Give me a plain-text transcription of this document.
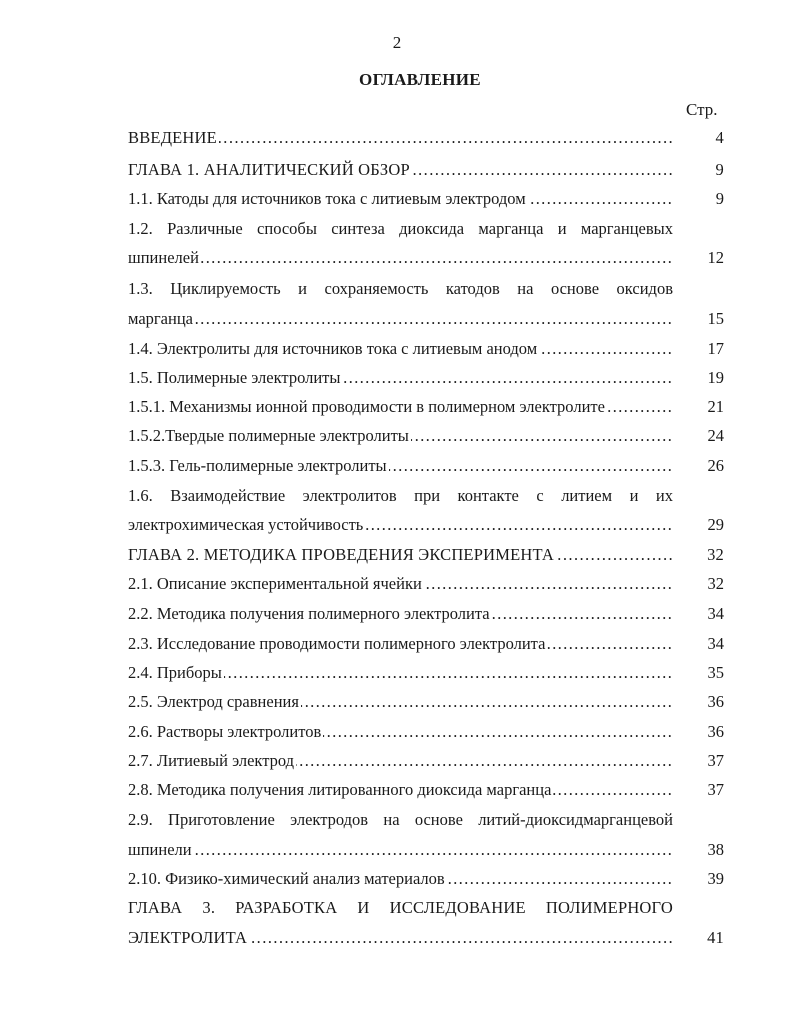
2
ОГЛАВЛЕНИЕ
Стр.
…………………………………………………………………………………………………………………
ВВЕДЕНИЕ	4
…………………………………………………………………………………………………………………
ГЛАВА 1. АНАЛИТИЧЕСКИЙ ОБЗОР	9
…………………………………………………………………………………………………………………
1.1. Катоды для источников тока с литиевым электродом	9
1.2. Различные способы синтеза диоксида марганца и марганцевых
…………………………………………………………………………………………………………………
шпинелей	12
1.3. Циклируемость и сохраняемость катодов на основе оксидов
…………………………………………………………………………………………………………………
марганца	15
…………………………………………………………………………………………………………………
1.4. Электролиты для источников тока с литиевым анодом	17
…………………………………………………………………………………………………………………
1.5. Полимерные электролиты	19
…………………………………………………………………………………………………………………
1.5.1. Механизмы ионной проводимости в полимерном электролите	21
…………………………………………………………………………………………………………………
1.5.2.Твердые полимерные электролиты	24
…………………………………………………………………………………………………………………
1.5.3. Гель-полимерные электролиты	26
1.6. Взаимодействие электролитов при контакте с литием и их
…………………………………………………………………………………………………………………
электрохимическая устойчивость	29
…………………………………………………………………………………………………………………
ГЛАВА 2. МЕТОДИКА ПРОВЕДЕНИЯ ЭКСПЕРИМЕНТА	32
…………………………………………………………………………………………………………………
2.1. Описание экспериментальной ячейки	32
…………………………………………………………………………………………………………………
2.2. Методика получения полимерного электролита	34
…………………………………………………………………………………………………………………
2.3. Исследование проводимости полимерного электролита	34
…………………………………………………………………………………………………………………
2.4. Приборы	35
…………………………………………………………………………………………………………………
2.5. Электрод сравнения	36
…………………………………………………………………………………………………………………
2.6. Растворы электролитов	36
…………………………………………………………………………………………………………………
2.7. Литиевый электрод	37
…………………………………………………………………………………………………………………
2.8. Методика получения литированного диоксида марганца	37
2.9. Приготовление электродов на основе литий-диоксидмарганцевой
…………………………………………………………………………………………………………………
шпинели	38
…………………………………………………………………………………………………………………
2.10. Физико-химический анализ материалов	39
ГЛАВА 3. РАЗРАБОТКА И ИССЛЕДОВАНИЕ ПОЛИМЕРНОГО
…………………………………………………………………………………………………………………
ЭЛЕКТРОЛИТА	41
